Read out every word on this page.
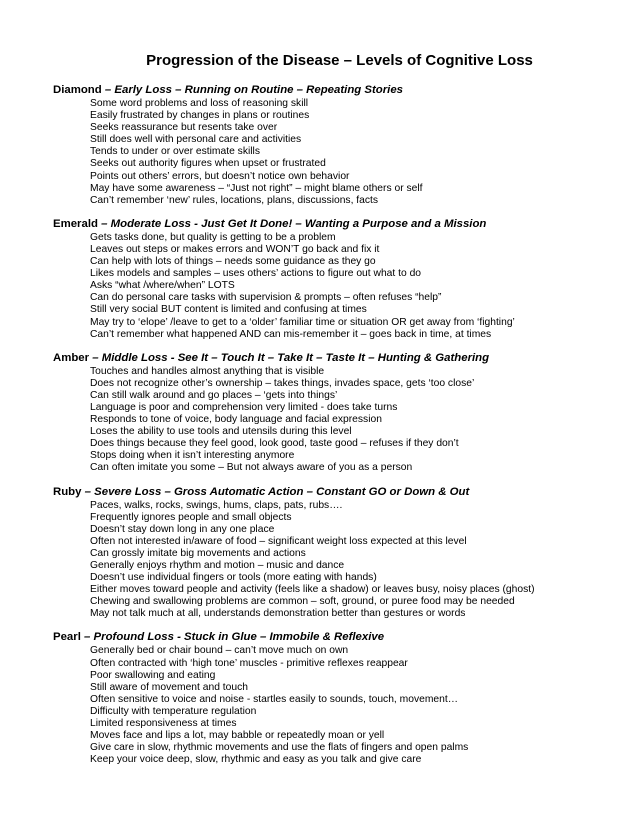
Progression of the Disease – Levels of Cognitive Loss
Diamond – Early Loss – Running on Routine – Repeating Stories
Some word problems and loss of reasoning skill
Easily frustrated by changes in plans or routines
Seeks reassurance but resents take over
Still does well with personal care and activities
Tends to under or over estimate skills
Seeks out authority figures when upset or frustrated
Points out others’ errors, but doesn’t notice own behavior
May have some awareness – “Just not right” – might blame others or self
Can’t remember ‘new’ rules, locations, plans, discussions, facts
Emerald – Moderate Loss - Just Get It Done! – Wanting a Purpose and a Mission
Gets tasks done, but quality is getting to be a problem
Leaves out steps or makes errors and WON’T go back and fix it
Can help with lots of things – needs some guidance as they go
Likes models and samples – uses others’ actions to figure out what to do
Asks “what /where/when” LOTS
Can do personal care tasks with supervision & prompts – often refuses “help”
Still very social BUT content is limited and confusing at times
May try to ‘elope’ /leave to get to a ‘older’ familiar time or situation OR get away from ‘fighting’
Can’t remember what happened AND can mis-remember it – goes back in time, at times
Amber – Middle Loss - See It – Touch It – Take It – Taste It – Hunting & Gathering
Touches and handles almost anything that is visible
Does not recognize other’s ownership – takes things, invades space, gets ‘too close’
Can still walk around and go places – ‘gets into things’
Language is poor and comprehension very limited - does take turns
Responds to tone of voice, body language and facial expression
Loses the ability to use tools and utensils during this level
Does things because they feel good, look good, taste good – refuses if they don’t
Stops doing when it isn’t interesting anymore
Can often imitate you some – But not always aware of you as a person
Ruby – Severe Loss – Gross Automatic Action – Constant GO or Down & Out
Paces, walks, rocks, swings, hums, claps, pats, rubs….
Frequently ignores people and small objects
Doesn’t stay down long in any one place
Often not interested in/aware of food – significant weight loss expected at this level
Can grossly imitate big movements and actions
Generally enjoys rhythm and motion – music and dance
Doesn’t use individual fingers or tools (more eating with hands)
Either moves toward people and activity (feels like a shadow) or leaves busy, noisy places (ghost)
Chewing and swallowing problems are common – soft, ground, or puree food may be needed
May not talk much at all, understands demonstration better than gestures or words
Pearl – Profound Loss - Stuck in Glue – Immobile & Reflexive
Generally bed or chair bound – can’t move much on own
Often contracted with ‘high tone’ muscles - primitive reflexes reappear
Poor swallowing and eating
Still aware of movement and touch
Often sensitive to voice and noise - startles easily to sounds, touch, movement…
Difficulty with temperature regulation
Limited responsiveness at times
Moves face and lips a lot, may babble or repeatedly moan or yell
Give care in slow, rhythmic movements and use the flats of fingers and open palms
Keep your voice deep, slow, rhythmic and easy as you talk and give care
